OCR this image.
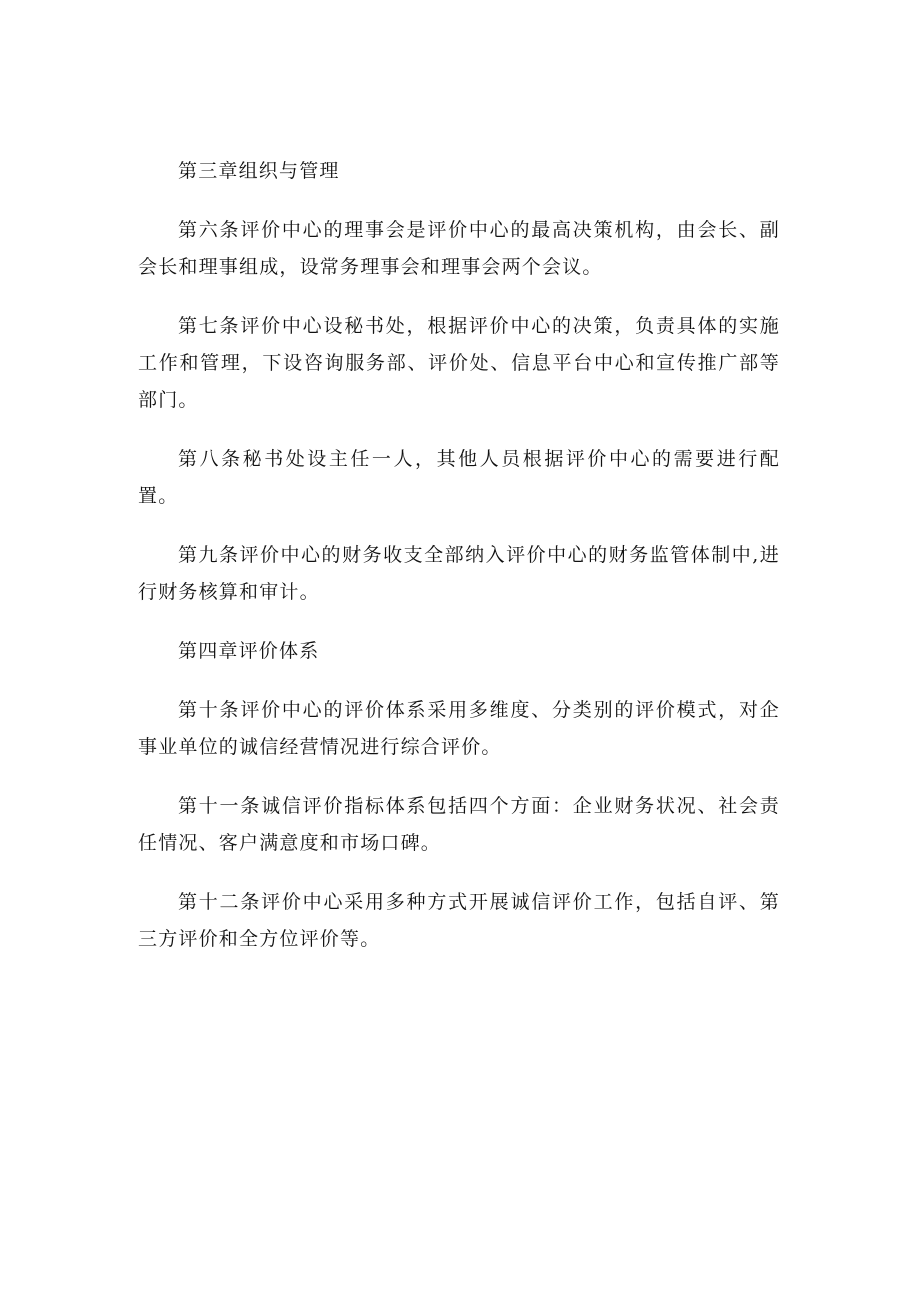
第三章组织与管理

第六条评价中心的理事会是评价中心的最高决策机构，由会长、副会长和理事组成，设常务理事会和理事会两个会议。

第七条评价中心设秘书处，根据评价中心的决策，负责具体的实施工作和管理，下设咨询服务部、评价处、信息平台中心和宣传推广部等部门。

第八条秘书处设主任一人，其他人员根据评价中心的需要进行配置。

第九条评价中心的财务收支全部纳入评价中心的财务监管体制中,进行财务核算和审计。

第四章评价体系

第十条评价中心的评价体系采用多维度、分类别的评价模式，对企事业单位的诚信经营情况进行综合评价。

第十一条诚信评价指标体系包括四个方面：企业财务状况、社会责任情况、客户满意度和市场口碑。

第十二条评价中心采用多种方式开展诚信评价工作，包括自评、第三方评价和全方位评价等。
